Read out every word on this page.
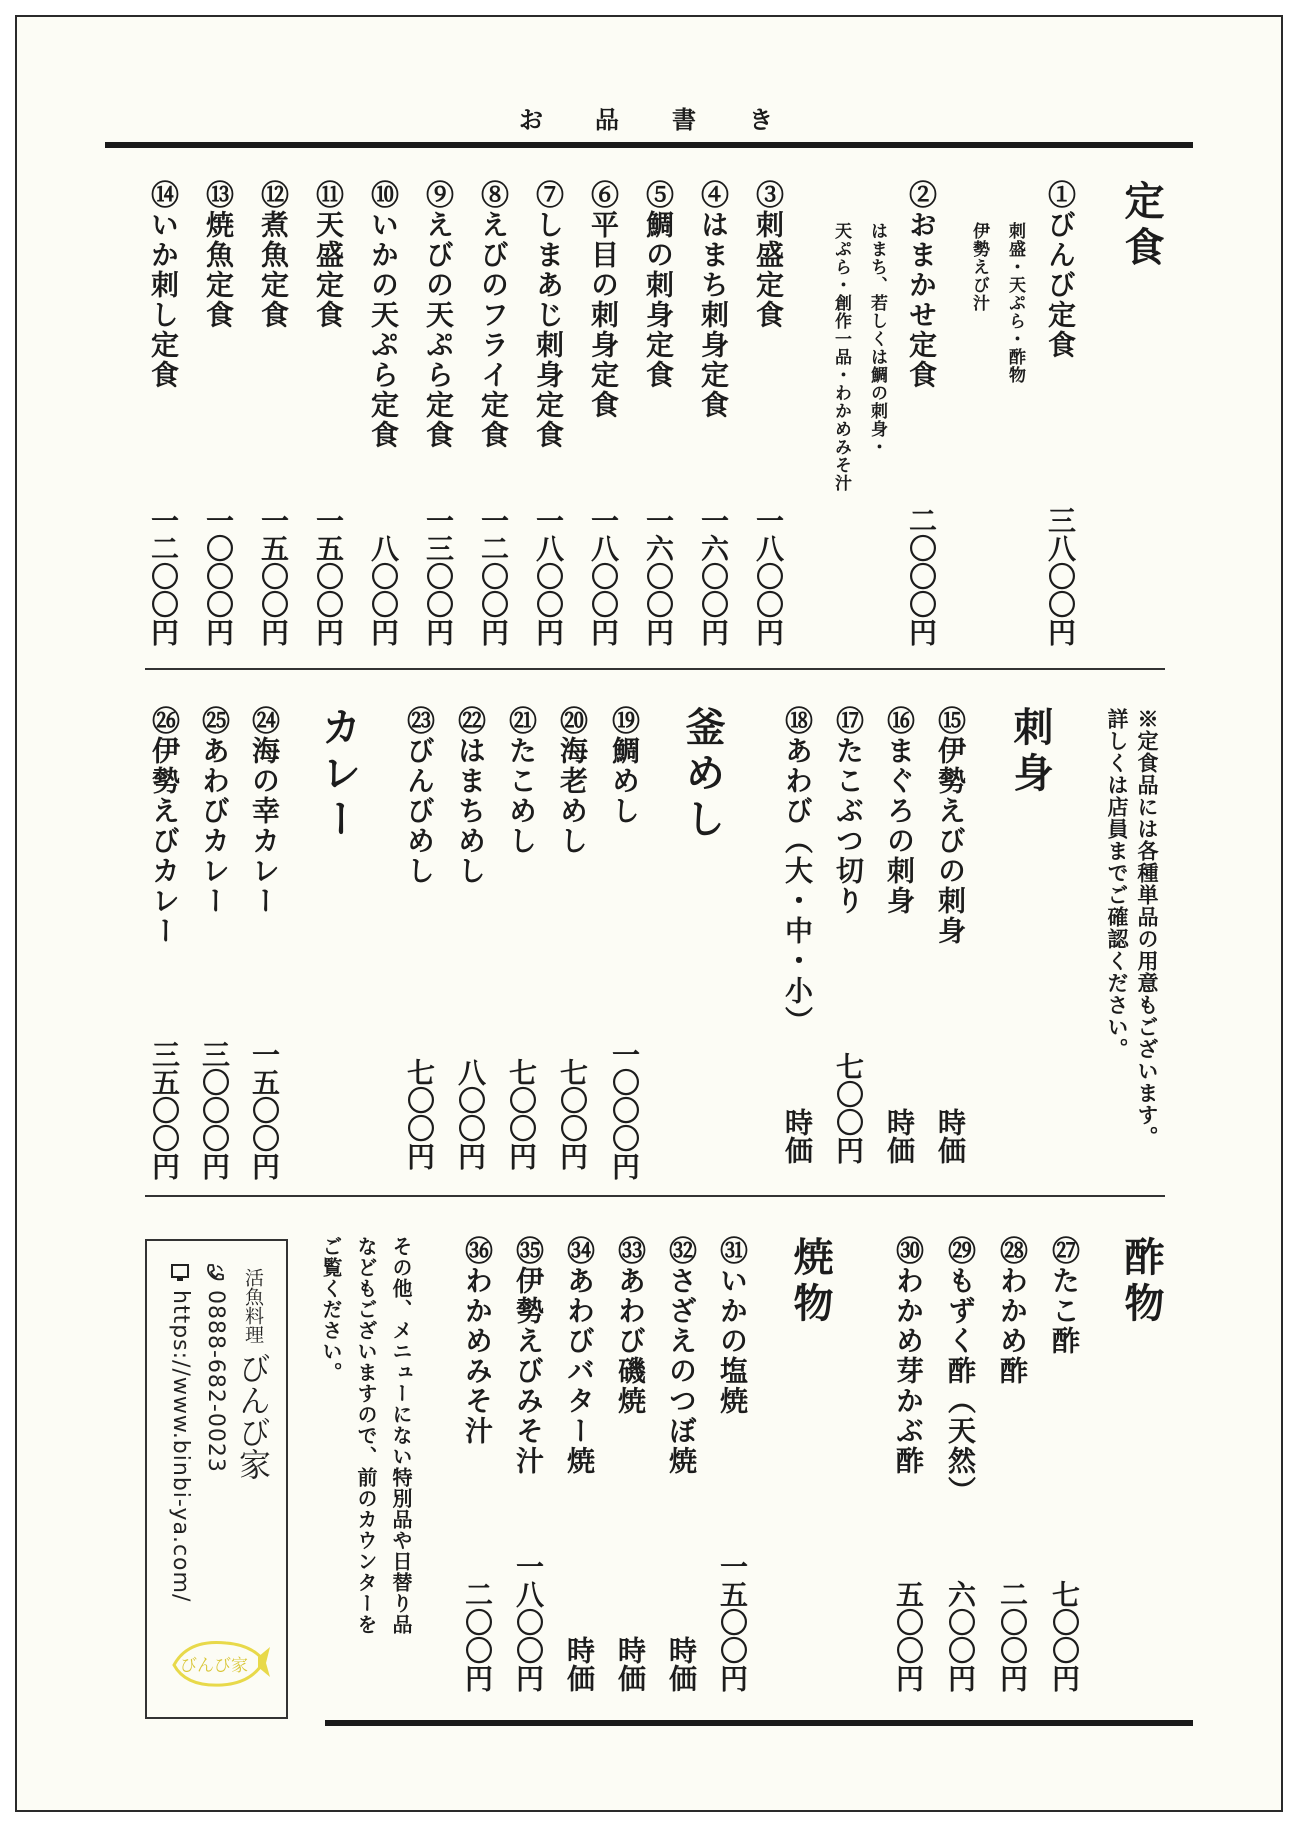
お 品 書 き
定食
①びんび定食
刺盛・天ぷら・酢物
伊勢えび汁
三八〇〇円
②おまかせ定食
はまち、若しくは鯛の刺身・
天ぷら・創作一品・わかめみそ汁
二〇〇〇円
③刺盛定食
一八〇〇円
④はまち刺身定食
一六〇〇円
⑤鯛の刺身定食
一六〇〇円
⑥平目の刺身定食
一八〇〇円
⑦しまあじ刺身定食
一八〇〇円
⑧えびのフライ定食
一二〇〇円
⑨えびの天ぷら定食
一三〇〇円
⑩いかの天ぷら定食
八〇〇円
⑪天盛定食
一五〇〇円
⑫煮魚定食
一五〇〇円
⑬焼魚定食
一〇〇〇円
⑭いか刺し定食
一二〇〇円
※定食品には各種単品の用意もございます。
詳しくは店員までご確認ください。
刺身
⑮伊勢えびの刺身
時価
⑯まぐろの刺身
時価
⑰たこぶつ切り
七〇〇円
⑱あわび（大・中・小）
時価
釜めし
⑲鯛めし
一〇〇〇円
⑳海老めし
七〇〇円
㉑たこめし
七〇〇円
㉒はまちめし
八〇〇円
㉓びんびめし
七〇〇円
カレー
㉔海の幸カレー
一五〇〇円
㉕あわびカレー
三〇〇〇円
㉖伊勢えびカレー
三五〇〇円
酢物
㉗たこ酢
七〇〇円
㉘わかめ酢
二〇〇円
㉙もずく酢（天然）
六〇〇円
㉚わかめ芽かぶ酢
五〇〇円
焼物
㉛いかの塩焼
一五〇〇円
㉜さざえのつぼ焼
時価
㉝あわび磯焼
時価
㉞あわびバター焼
時価
㉟伊勢えびみそ汁
一八〇〇円
㊱わかめみそ汁
二〇〇円
その他、メニューにない特別品や日替り品
などもございますので、前のカウンターを
ご覧ください。
活魚料理
びんび家
0888-682-0023
https://www.binbi-ya.com/
びんび家
